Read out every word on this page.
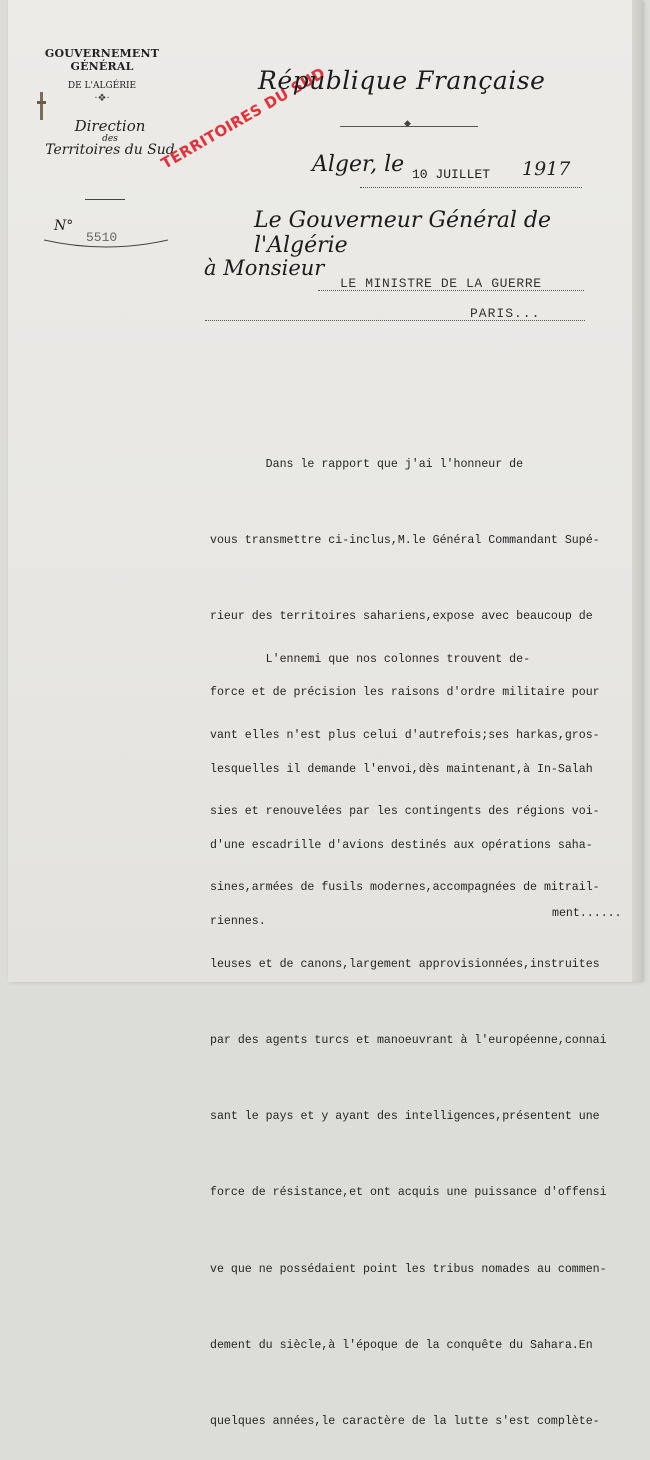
GOUVERNEMENT GÉNÉRAL
DE L'ALGÉRIE
·❖·
Direction
des
Territoires du Sud
N°
5510
TERRITOIRES DU SUD
République Française
◆
Alger, le 10 JUILLET 1917
Le Gouverneur Général de l'Algérie
à Monsieur
LE MINISTRE DE LA GUERRE
PARIS...

Dans le rapport que j'ai l'honneur de

vous transmettre ci-inclus,M.le Général Commandant Supé-

rieur des territoires sahariens,expose avec beaucoup de

force et de précision les raisons d'ordre militaire pour

lesquelles il demande l'envoi,dès maintenant,à In-Salah

d'une escadrille d'avions destinés aux opérations saha-

riennes.

L'ennemi que nos colonnes trouvent de-

vant elles n'est plus celui d'autrefois;ses harkas,gros-

sies et renouvelées par les contingents des régions voi-

sines,armées de fusils modernes,accompagnées de mitrail-

leuses et de canons,largement approvisionnées,instruites

par des agents turcs et manoeuvrant à l'européenne,connai

sant le pays et y ayant des intelligences,présentent une

force de résistance,et ont acquis une puissance d'offensi

ve que ne possédaient point les tribus nomades au commen-

dement du siècle,à l'époque de la conquête du Sahara.En

quelques années,le caractère de la lutte s'est complète-

ment......
